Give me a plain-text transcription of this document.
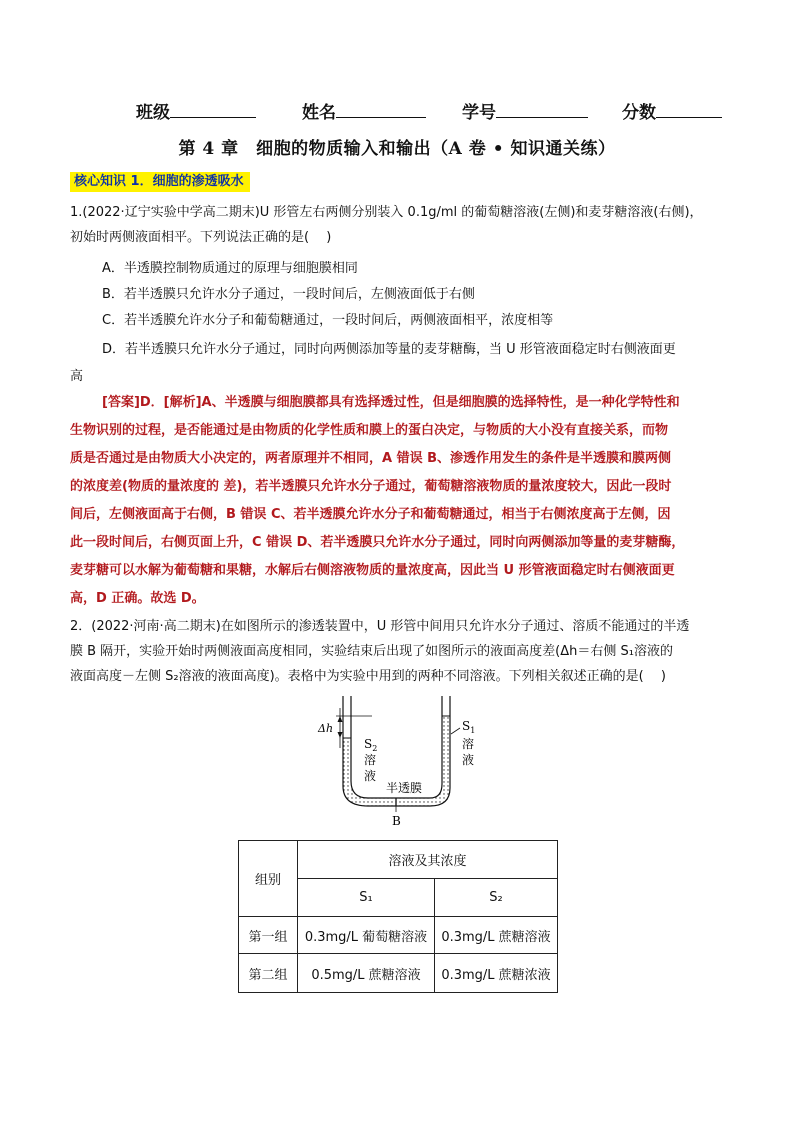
班级	姓名	学号	分数
第 4 章　细胞的物质输入和输出（A 卷 • 知识通关练）
核心知识 1．细胞的渗透吸水
1.(2022·辽宁实验中学高二期末)U 形管左右两侧分别装入 0.1g/ml 的葡萄糖溶液(左侧)和麦芽糖溶液(右侧)，
初始时两侧液面相平。下列说法正确的是(　 )
A．半透膜控制物质通过的原理与细胞膜相同
B．若半透膜只允许水分子通过，一段时间后，左侧液面低于右侧
C．若半透膜允许水分子和葡萄糖通过，一段时间后，两侧液面相平，浓度相等
D．若半透膜只允许水分子通过，同时向两侧添加等量的麦芽糖酶，当 U 形管液面稳定时右侧液面更
高
[答案]D．[解析]A、半透膜与细胞膜都具有选择透过性，但是细胞膜的选择特性，是一种化学特性和
生物识别的过程，是否能通过是由物质的化学性质和膜上的蛋白决定，与物质的大小没有直接关系，而物
质是否通过是由物质大小决定的，两者原理并不相同，A 错误 B、渗透作用发生的条件是半透膜和膜两侧
的浓度差(物质的量浓度的 差)，若半透膜只允许水分子通过，葡萄糖溶液物质的量浓度较大，因此一段时
间后，左侧液面高于右侧，B 错误 C、若半透膜允许水分子和葡萄糖通过，相当于右侧浓度高于左侧，因
此一段时间后，右侧页面上升，C 错误 D、若半透膜只允许水分子通过，同时向两侧添加等量的麦芽糖酶，
麦芽糖可以水解为葡萄糖和果糖，水解后右侧溶液物质的量浓度高，因此当 U 形管液面稳定时右侧液面更
高，D 正确。故选 D。
2．(2022·河南·高二期末)在如图所示的渗透装置中，U 形管中间用只允许水分子通过、溶质不能通过的半透
膜 B 隔开，实验开始时两侧液面高度相同，实验结束后出现了如图所示的液面高度差(Δh＝右侧 S₁溶液的
液面高度－左侧 S₂溶液的液面高度)。表格中为实验中用到的两种不同溶液。下列相关叙述正确的是(　 )
Δh
$S_2$
溶
液
$S_1$
溶
液
半透膜
B
组别	溶液及其浓度	
	S₁	S₂
第一组	0.3mg/L 葡萄糖溶液	0.3mg/L 蔗糖溶液
第二组	0.5mg/L 蔗糖溶液	0.3mg/L 蔗糖浓液
